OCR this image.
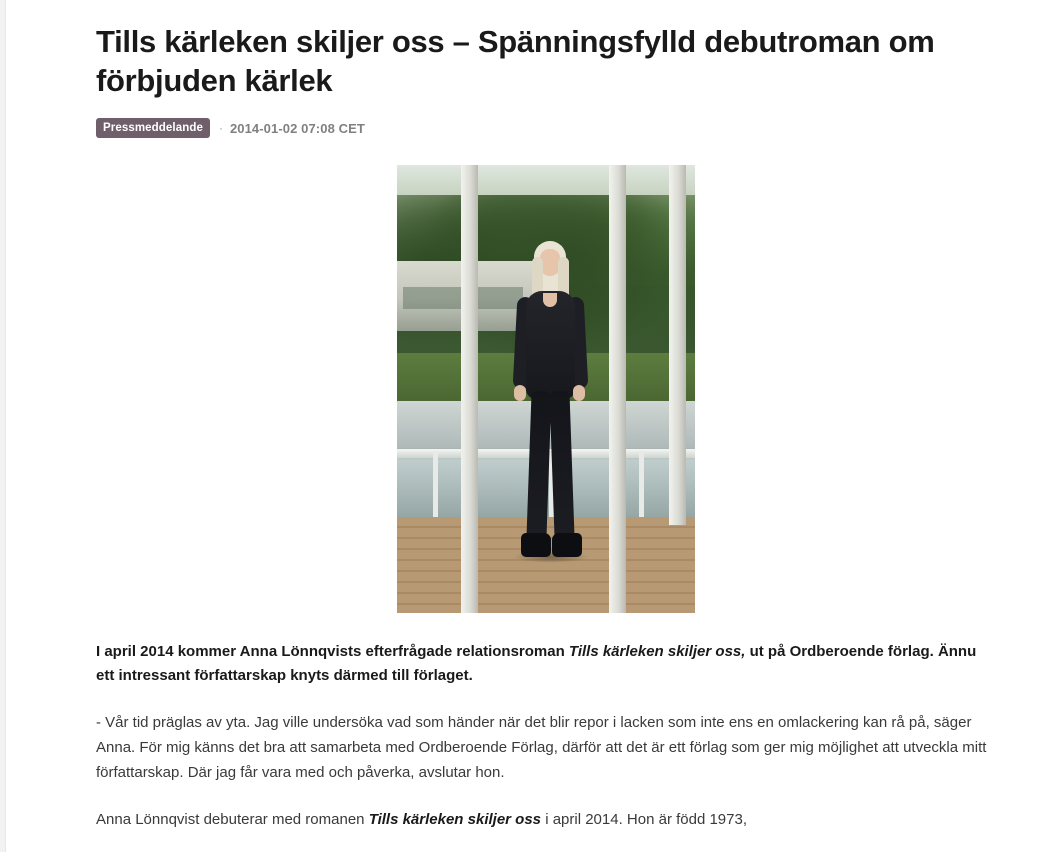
Tills kärleken skiljer oss – Spänningsfylld debutroman om förbjuden kärlek
Pressmeddelande	· 2014-01-02 07:08 CET

I april 2014 kommer Anna Lönnqvists efterfrågade relationsroman Tills kärleken skiljer oss, ut på Ordberoende förlag. Ännu ett intressant författarskap knyts därmed till förlaget.

- Vår tid präglas av yta. Jag ville undersöka vad som händer när det blir repor i lacken som inte ens en omlackering kan rå på, säger Anna. För mig känns det bra att samarbeta med Ordberoende Förlag, därför att det är ett förlag som ger mig möjlighet att utveckla mitt författarskap. Där jag får vara med och påverka, avslutar hon.

Anna Lönnqvist debuterar med romanen Tills kärleken skiljer oss i april 2014. Hon är född 1973,
